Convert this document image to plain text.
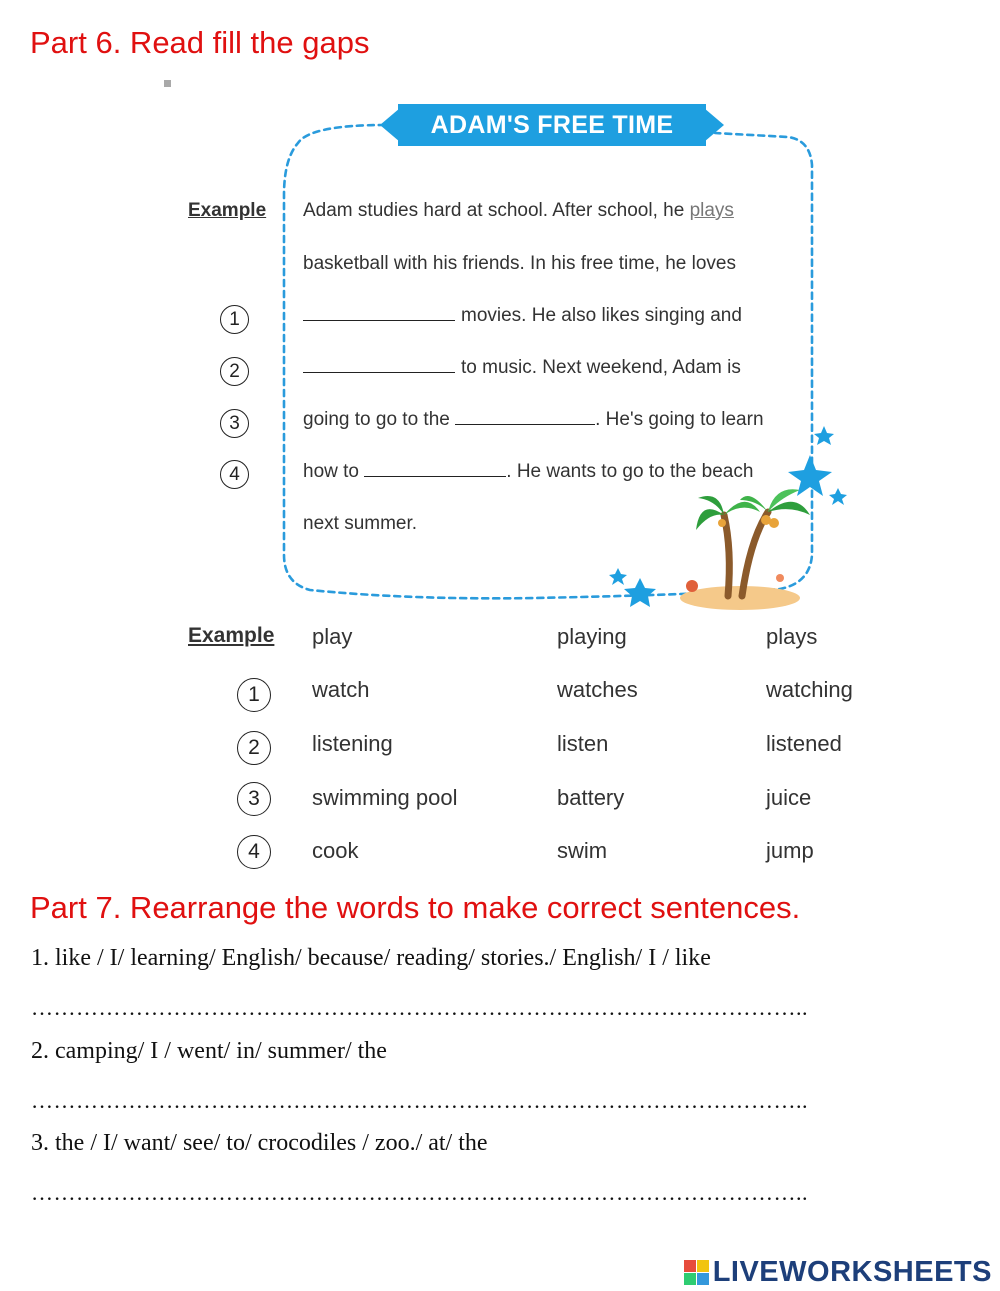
Part 6. Read fill the gaps
ADAM'S FREE TIME
Example Adam studies hard at school. After school, he plays
basketball with his friends. In his free time, he loves
movies. He also likes singing and
to music. Next weekend, Adam is
going to go to the	. He's going to learn
how to	. He wants to go to the beach
next summer.
1
2
3
4
Example play	playing	plays
1	watch	watches	watching
2	listening	listen	listened
3	swimming pool	battery	juice
4	cook	swim	jump
Part 7. Rearrange the words to make correct sentences.
1. like / I/ learning/ English/ because/ reading/ stories./ English/ I / like
…………………………………………………………………………………………..
2. camping/ I / went/ in/ summer/ the
…………………………………………………………………………………………..
3. the / I/ want/ see/ to/ crocodiles / zoo./ at/ the
…………………………………………………………………………………………..
LIVEWORKSHEETS
